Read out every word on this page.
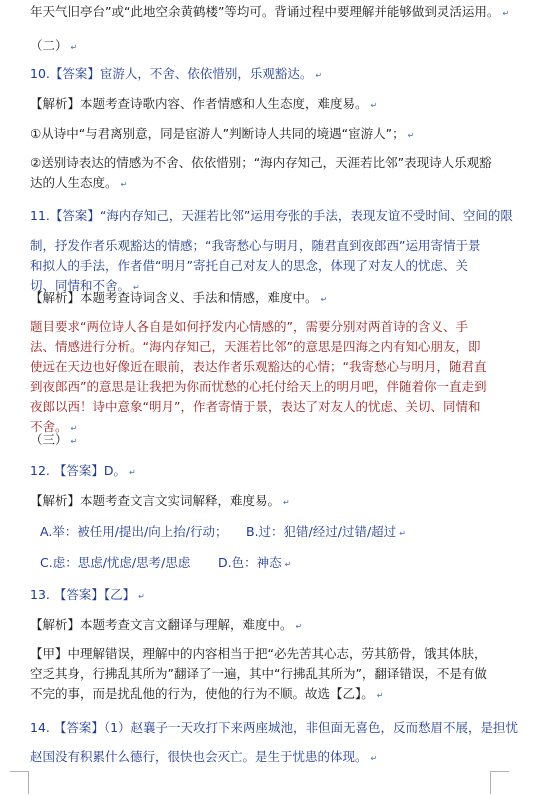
年天气旧亭台”或“此地空余黄鹤楼”等均可。背诵过程中要理解并能够做到灵活运用。 ↵
（二） ↵
10.【答案】宦游人，不舍、依依惜别，乐观豁达。 ↵
【解析】本题考查诗歌内容、作者情感和人生态度，难度易。 ↵
①从诗中“与君离别意，同是宦游人”判断诗人共同的境遇“宦游人”； ↵
②送别诗表达的情感为不舍、依依惜别；“海内存知己，天涯若比邻”表现诗人乐观豁达的人生态度。 ↵
11.【答案】“海内存知己，天涯若比邻”运用夸张的手法，表现友谊不受时间、空间的限
制，抒发作者乐观豁达的情感；“我寄愁心与明月，随君直到夜郎西”运用寄情于景和拟人的手法，作者借“明月”寄托自己对友人的思念，体现了对友人的忧虑、关切、同情和不舍。 ↵
【解析】本题考查诗词含义、手法和情感，难度中。 ↵
题目要求“两位诗人各自是如何抒发内心情感的”，需要分别对两首诗的含义、手法、情感进行分析。“海内存知己，天涯若比邻”的意思是四海之内有知心朋友，即使远在天边也好像近在眼前，表达作者乐观豁达的心情；“我寄愁心与明月，随君直到夜郎西”的意思是让我把为你而忧愁的心托付给天上的明月吧，伴随着你一直走到夜郎以西！诗中意象“明月”，作者寄情于景，表达了对友人的忧虑、关切、同情和不舍。 ↵
（三） ↵
12. 【答案】D。 ↵
【解析】本题考查文言文实词解释，难度易。 ↵
A.举：被任用/提出/向上抬/行动； B.过：犯错/经过/过错/超过 ↵
C.虑：思虑/忧虑/思考/思虑	D.色：神态 ↵
13. 【答案】【乙】 ↵
【解析】本题考查文言文翻译与理解，难度中。 ↵
【甲】中理解错误，理解中的内容相当于把“必先苦其心志，劳其筋骨，饿其体肤，空乏其身，行拂乱其所为”翻译了一遍，其中“行拂乱其所为”，翻译错误，不是有做不完的事，而是扰乱他的行为，使他的行为不顺。故选【乙】。 ↵
14. 【答案】（1）赵襄子一天攻打下来两座城池，非但面无喜色，反而愁眉不展，是担忧
赵国没有积累什么德行，很快也会灭亡。是生于忧患的体现。 ↵
